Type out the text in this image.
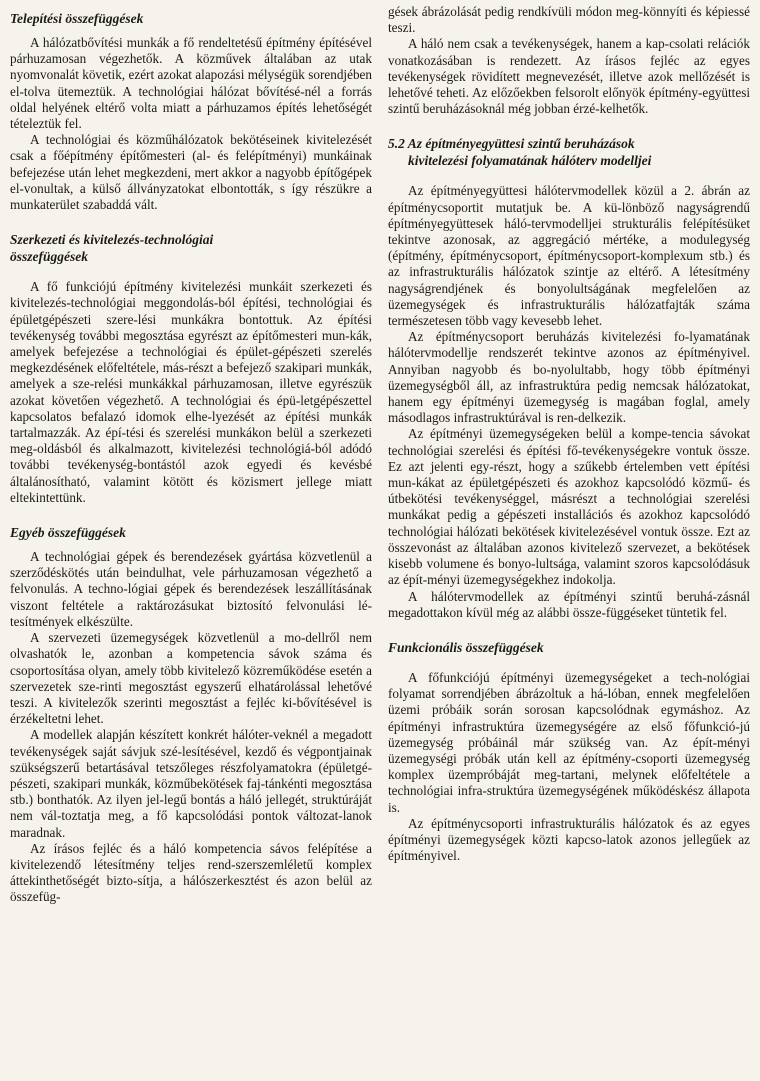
Telepítési összefüggések

A hálózatbővítési munkák a fő rendeltetésű építmény építésével párhuzamosan végezhetők. A közművek általában az utak nyomvonalát követik, ezért azokat alapozási mélységük sorendjében el-tolva ütemeztük. A technológiai hálózat bővítésé-nél a forrás oldal helyének eltérő volta miatt a párhuzamos építés lehetőségét tételeztük fel.

A technológiai és közműhálózatok bekötéseinek kivitelezését csak a főépítmény építőmesteri (al- és felépítményi) munkáinak befejezése után lehet megkezdeni, mert akkor a nagyobb építőgépek el-vonultak, a külső állványzatokat elbontották, s így részükre a munkaterület szabaddá vált.

Szerkezeti és kivitelezés-technológiai
összefüggések

A fő funkciójú építmény kivitelezési munkáit szerkezeti és kivitelezés-technológiai meggondolás-ból építési, technológiai és épületgépészeti szere-lési munkákra bontottuk. Az építési tevékenység további megosztása egyrészt az építőmesteri mun-kák, amelyek befejezése a technológiai és épület-gépészeti szerelés megkezdésének előfeltétele, más-részt a befejező szakipari munkák, amelyek a sze-relési munkákkal párhuzamosan, illetve egyrészük azokat követően végezhető. A technológiai és épü-letgépészettel kapcsolatos befalazó idomok elhe-lyezését az építési munkák tartalmazzák. Az épí-tési és szerelési munkákon belül a szerkezeti meg-oldásból és alkalmazott, kivitelezési technológiá-ból adódó további tevékenység-bontástól azok egyedi és kevésbé általánosítható, valamint kötött és közismert jellege miatt eltekintettünk.

Egyéb összefüggések

A technológiai gépek és berendezések gyártása közvetlenül a szerződéskötés után beindulhat, vele párhuzamosan végezhető a felvonulás. A techno-lógiai gépek és berendezések leszállításának viszont feltétele a raktározásukat biztosító felvonulási lé-tesítmények elkészülte.

A szervezeti üzemegységek közvetlenül a mo-dellről nem olvashatók le, azonban a kompetencia sávok száma és csoportosítása olyan, amely több kivitelező közreműködése esetén a szervezetek sze-rinti megosztást egyszerű elhatárolással lehetővé teszi. A kivitelezők szerinti megosztást a fejléc ki-bővítésével is érzékeltetni lehet.

A modellek alapján készített konkrét hálóter-veknél a megadott tevékenységek saját sávjuk szé-lesítésével, kezdő és végpontjainak szükségszerű betartásával tetszőleges részfolyamatokra (épületgé-pészeti, szakipari munkák, közműbekötések faj-tánkénti megosztása stb.) bonthatók. Az ilyen jel-legű bontás a háló jellegét, struktúráját nem vál-toztatja meg, a fő kapcsolódási pontok változat-lanok maradnak.

Az írásos fejléc és a háló kompetencia sávos felépítése a kivitelezendő létesítmény teljes rend-szerszemléletű komplex áttekinthetőségét bizto-sítja, a hálószerkesztést és azon belül az összefüg-

gések ábrázolását pedig rendkívüli módon meg-könnyíti és képiessé teszi.

A háló nem csak a tevékenységek, hanem a kap-csolati relációk vonatkozásában is rendezett. Az írásos fejléc az egyes tevékenységek rövidített megnevezését, illetve azok mellőzését is lehetővé teheti. Az előzőekben felsorolt előnyök építmény-együttesi szintű beruházásoknál még jobban érzé-kelhetők.

5.2 Az építményegyüttesi szintű beruházások
kivitelezési folyamatának hálóterv modelljei

Az építményegyüttesi hálótervmodellek közül a 2. ábrán az építménycsoportit mutatjuk be. A kü-lönböző nagyságrendű építményegyüttesek háló-tervmodelljei strukturális felépítésüket tekintve azonosak, az aggregáció mértéke, a modulegység (építmény, építménycsoport, építménycsoport-komplexum stb.) és az infrastrukturális hálózatok szintje az eltérő. A létesítmény nagyságrendjének és bonyolultságának megfelelően az üzemegységek és infrastrukturális hálózatfajták száma természetesen több vagy kevesebb lehet.

Az építménycsoport beruházás kivitelezési fo-lyamatának hálótervmodellje rendszerét tekintve azonos az építményivel. Annyiban nagyobb és bo-nyolultabb, hogy több építményi üzemegységből áll, az infrastruktúra pedig nemcsak hálózatokat, hanem egy építményi üzemegység is magában foglal, amely másodlagos infrastruktúrával is ren-delkezik.

Az építményi üzemegységeken belül a kompe-tencia sávokat technológiai szerelési és építési fő-tevékenységekre vontuk össze. Ez azt jelenti egy-részt, hogy a szűkebb értelemben vett építési mun-kákat az épületgépészeti és azokhoz kapcsolódó közmű- és útbekötési tevékenységgel, másrészt a technológiai szerelési munkákat pedig a gépészeti installációs és azokhoz kapcsolódó technológiai hálózati bekötések kivitelezésével vontuk össze. Ezt az összevonást az általában azonos kivitelező szervezet, a bekötések kisebb volumene és bonyo-lultsága, valamint szoros kapcsolódásuk az épít-ményi üzemegységekhez indokolja.

A hálótervmodellek az építményi szintű beruhá-zásnál megadottakon kívül még az alábbi össze-függéseket tüntetik fel.

Funkcionális összefüggések

A főfunkciójú építményi üzemegységeket a tech-nológiai folyamat sorrendjében ábrázoltuk a há-lóban, ennek megfelelően üzemi próbáik során sorosan kapcsolódnak egymáshoz. Az építményi infrastruktúra üzemegységére az első főfunkció-jú üzemegység próbáinál már szükség van. Az épít-ményi üzemegységi próbák után kell az építmény-csoporti üzemegység komplex üzempróbáját meg-tartani, melynek előfeltétele a technológiai infra-struktúra üzemegységének működéskész állapota is.

Az építménycsoporti infrastrukturális hálózatok és az egyes építményi üzemegységek közti kapcso-latok azonos jellegűek az építményivel.
